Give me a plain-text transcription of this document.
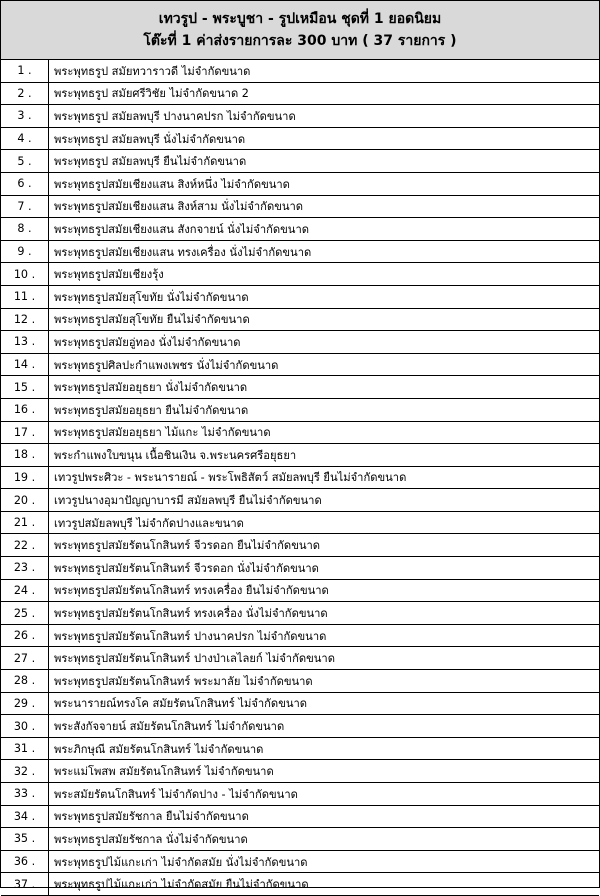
เทวรูป - พระบูชา - รูปเหมือน ชุดที่ 1 ยอดนิยม
โต๊ะที่ 1 ค่าส่งรายการละ 300 บาท ( 37 รายการ )
1 .	พระพุทธรูป สมัยทวาราวดี ไม่จำกัดขนาด
2 .	พระพุทธรูป สมัยศรีวิชัย ไม่จำกัดขนาด 2
3 .	พระพุทธรูป สมัยลพบุรี ปางนาคปรก ไม่จำกัดขนาด
4 .	พระพุทธรูป สมัยลพบุรี นั่งไม่จำกัดขนาด
5 .	พระพุทธรูป สมัยลพบุรี ยืนไม่จำกัดขนาด
6 .	พระพุทธรูปสมัยเชียงแสน สิงห์หนึ่ง ไม่จำกัดขนาด
7 .	พระพุทธรูปสมัยเชียงแสน สิงห์สาม นั่งไม่จำกัดขนาด
8 .	พระพุทธรูปสมัยเชียงแสน สังกจายน์ นั่งไม่จำกัดขนาด
9 .	พระพุทธรูปสมัยเชียงแสน ทรงเครื่อง นั่งไม่จำกัดขนาด
10 .	พระพุทธรูปสมัยเชียงรุ้ง
11 .	พระพุทธรูปสมัยสุโขทัย นั่งไม่จำกัดขนาด
12 .	พระพุทธรูปสมัยสุโขทัย ยืนไม่จำกัดขนาด
13 .	พระพุทธรูปสมัยอู่ทอง นั่งไม่จำกัดขนาด
14 .	พระพุทธรูปศิลปะกำแพงเพชร นั่งไม่จำกัดขนาด
15 .	พระพุทธรูปสมัยอยุธยา นั่งไม่จำกัดขนาด
16 .	พระพุทธรูปสมัยอยุธยา ยืนไม่จำกัดขนาด
17 .	พระพุทธรูปสมัยอยุธยา ไม้แกะ ไม่จำกัดขนาด
18 .	พระกำแพงใบขนุน เนื้อชินเงิน จ.พระนครศรีอยุธยา
19 .	เทวรูปพระศิวะ - พระนารายณ์ - พระโพธิสัตว์ สมัยลพบุรี ยืนไม่จำกัดขนาด
20 .	เทวรูปนางอุมาปัญญาบารมี สมัยลพบุรี ยืนไม่จำกัดขนาด
21 .	เทวรูปสมัยลพบุรี ไม่จำกัดปางและขนาด
22 .	พระพุทธรูปสมัยรัตนโกสินทร์ จีวรดอก ยืนไม่จำกัดขนาด
23 .	พระพุทธรูปสมัยรัตนโกสินทร์ จีวรดอก นั่งไม่จำกัดขนาด
24 .	พระพุทธรูปสมัยรัตนโกสินทร์ ทรงเครื่อง ยืนไม่จำกัดขนาด
25 .	พระพุทธรูปสมัยรัตนโกสินทร์ ทรงเครื่อง นั่งไม่จำกัดขนาด
26 .	พระพุทธรูปสมัยรัตนโกสินทร์ ปางนาคปรก ไม่จำกัดขนาด
27 .	พระพุทธรูปสมัยรัตนโกสินทร์ ปางป่าเลไลยก์ ไม่จำกัดขนาด
28 .	พระพุทธรูปสมัยรัตนโกสินทร์ พระมาลัย ไม่จำกัดขนาด
29 .	พระนารายณ์ทรงโค สมัยรัตนโกสินทร์ ไม่จำกัดขนาด
30 .	พระสังกัจจายน์ สมัยรัตนโกสินทร์ ไม่จำกัดขนาด
31 .	พระภิกษุณี สมัยรัตนโกสินทร์ ไม่จำกัดขนาด
32 .	พระแม่โพสพ สมัยรัตนโกสินทร์ ไม่จำกัดขนาด
33 .	พระสมัยรัตนโกสินทร์ ไม่จำกัดปาง - ไม่จำกัดขนาด
34 .	พระพุทธรูปสมัยรัชกาล ยืนไม่จำกัดขนาด
35 .	พระพุทธรูปสมัยรัชกาล นั่งไม่จำกัดขนาด
36 .	พระพุทธรูปไม้แกะเก่า ไม่จำกัดสมัย นั่งไม่จำกัดขนาด
37 .	พระพุทธรูปไม้แกะเก่า ไม่จำกัดสมัย ยืนไม่จำกัดขนาด
